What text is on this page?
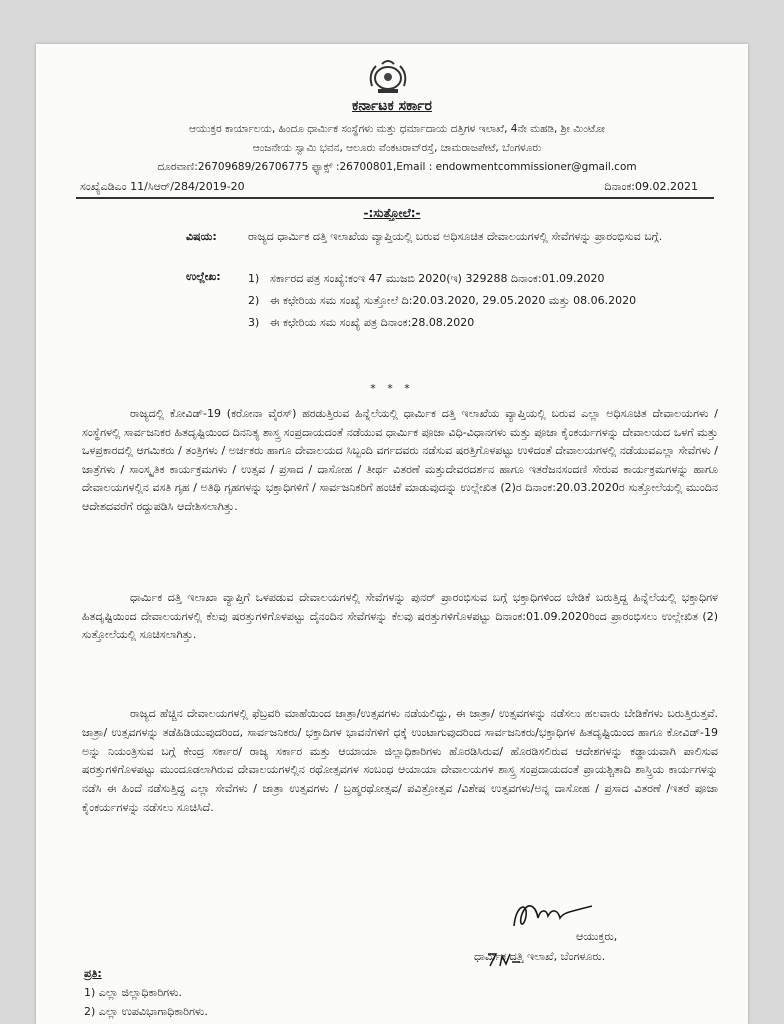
ಕರ್ನಾಟಕ ಸರ್ಕಾರ
ಆಯುಕ್ತರ ಕಾರ್ಯಾಲಯ, ಹಿಂದೂ ಧಾರ್ಮಿಕ ಸಂಸ್ಥೆಗಳು ಮತ್ತು ಧರ್ಮಾದಾಯ ದತ್ತಿಗಳ ಇಲಾಖೆ, 4ನೇ ಮಹಡಿ, ಶ್ರೀ ಮಿಂಟೋ
ಆಂಜನೇಯ ಸ್ವಾಮಿ ಭವನ, ಆಲೂರು ವೆಂಕಟರಾವ್‌ರಸ್ತೆ, ಚಾಮರಾಜಪೇಟೆ, ಬೆಂಗಳೂರು
ದೂರವಾಣಿ:26709689/26706775 ಫ್ಯಾಕ್ಸ್ :26700801,Email : endowmentcommissioner@gmail.com
ಸಂಖ್ಯೆಎಡಿಎಂ 11/ಸಿಆರ್/284/2019-20	ದಿನಾಂಕ:09.02.2021
-:ಸುತ್ತೋಲೆ:-
ವಿಷಯ:	ರಾಜ್ಯದ ಧಾರ್ಮಿಕ ದತ್ತಿ ಇಲಾಖೆಯ ವ್ಯಾಪ್ತಿಯಲ್ಲಿ ಬರುವ ಅಧಿಸೂಚಿತ ದೇವಾಲಯಗಳಲ್ಲಿ ಸೇವೆಗಳನ್ನು ಪ್ರಾರಂಭಿಸುವ ಬಗ್ಗೆ.
ಉಲ್ಲೇಖ: 1) ಸರ್ಕಾರದ ಪತ್ರ ಸಂಖ್ಯೆ:ಕಂಇ 47 ಮುಜಬಿ 2020(ಇ) 329288 ದಿನಾಂಕ:01.09.2020
2) ಈ ಕಛೇರಿಯ ಸಮ ಸಂಖ್ಯೆ ಸುತ್ತೋಲೆ ದಿ:20.03.2020, 29.05.2020 ಮತ್ತು 08.06.2020
3) ಈ ಕಛೇರಿಯ ಸಮ ಸಂಖ್ಯೆ ಪತ್ರ ದಿನಾಂಕ:28.08.2020
* * *

ರಾಜ್ಯದಲ್ಲಿ ಕೋವಿಡ್-19 (ಕರೋನಾ ವೈರಸ್) ಹರಡುತ್ತಿರುವ ಹಿನ್ನೆಲೆಯಲ್ಲಿ ಧಾರ್ಮಿಕ ದತ್ತಿ ಇಲಾಖೆಯ ವ್ಯಾಪ್ತಿಯಲ್ಲಿ ಬರುವ ಎಲ್ಲಾ ಅಧಿಸೂಚಿತ ದೇವಾಲಯಗಳು / ಸಂಸ್ಥೆಗಳಲ್ಲಿ ಸಾರ್ವಜನಿಕರ ಹಿತದೃಷ್ಟಿಯಿಂದ ದಿನನಿತ್ಯ ಶಾಸ್ತ್ರ ಸಂಪ್ರದಾಯದಂತೆ ನಡೆಯುವ ಧಾರ್ಮಿಕ ಪೂಜಾ ವಿಧಿ-ವಿಧಾನಗಳು ಮತ್ತು ಪೂಜಾ ಕೈಂಕರ್ಯಗಳನ್ನು ದೇವಾಲಯದ ಒಳಗೆ ಮತ್ತು ಒಳಪ್ರಕಾರದಲ್ಲಿ ಆಗಮಿಕರು / ತಂತ್ರಿಗಳು / ಅರ್ಚಕರು ಹಾಗೂ ದೇವಾಲಯದ ಸಿಬ್ಬಂದಿ ವರ್ಗದವರು ನಡೆಸುವ ಷರತ್ತಿಗೊಳಪಟ್ಟು ಉಳಿದಂತೆ ದೇವಾಲಯಗಳಲ್ಲಿ ನಡೆಯುವಎಲ್ಲಾ ಸೇವೆಗಳು / ಜಾತ್ರೆಗಳು / ಸಾಂಸ್ಕೃತಿಕ ಕಾರ್ಯಕ್ರಮಗಳು / ಉತ್ಸವ / ಪ್ರಸಾದ / ದಾಸೋಹ / ತೀರ್ಥ ವಿತರಣೆ ಮತ್ತುದೇವರದರ್ಶನ ಹಾಗೂ ಇತರೆಜನಸಂದಣಿ ಸೇರುವ ಕಾರ್ಯಕ್ರಮಗಳನ್ನು ಹಾಗೂ ದೇವಾಲಯಗಳಲ್ಲಿನ ವಸತಿ ಗೃಹ / ಅತಿಥಿ ಗೃಹಗಳನ್ನು ಭಕ್ತಾಧಿಗಳಿಗೆ / ಸಾರ್ವಜನಿಕರಿಗೆ ಹಂಚಿಕೆ ಮಾಡುವುದನ್ನು ಉಲ್ಲೇಖಿತ (2)ರ ದಿನಾಂಕ:20.03.2020ರ ಸುತ್ತೋಲೆಯಲ್ಲಿ ಮುಂದಿನ ಆದೇಶದವರೆಗೆ ರದ್ದುಪಡಿಸಿ ಆದೇಶಿಸಲಾಗಿತ್ತು.

ಧಾರ್ಮಿಕ ದತ್ತಿ ಇಲಾಖಾ ವ್ಯಾಪ್ತಿಗೆ ಒಳಪಡುವ ದೇವಾಲಯಗಳಲ್ಲಿ ಸೇವೆಗಳನ್ನು ಪುನರ್ ಪ್ರಾರಂಭಿಸುವ ಬಗ್ಗೆ ಭಕ್ತಾಧಿಗಳಿಂದ ಬೇಡಿಕೆ ಬರುತ್ತಿದ್ದ ಹಿನ್ನೆಲೆಯಲ್ಲಿ ಭಕ್ತಾಧಿಗಳ ಹಿತದೃಷ್ಟಿಯಿಂದ ದೇವಾಲಯಗಳಲ್ಲಿ ಕೆಲವು ಷರತ್ತುಗಳಿಗೊಳಪಟ್ಟು ದೈನಂದಿನ ಸೇವೆಗಳನ್ನು ಕೆಲವು ಷರತ್ತುಗಳಿಗೊಳಪಟ್ಟು ದಿನಾಂಕ:01.09.2020ರಿಂದ ಪ್ರಾರಂಭಿಸಲು ಉಲ್ಲೇಖಿತ (2) ಸುತ್ತೋಲೆಯಲ್ಲಿ ಸೂಚಿಸಲಾಗಿತ್ತು.

ರಾಜ್ಯದ ಹೆಚ್ಚಿನ ದೇವಾಲಯಗಳಲ್ಲಿ ಫೆಬ್ರವರಿ ಮಾಹೆಯಿಂದ ಜಾತ್ರಾ/ಉತ್ಸವಗಳು ನಡೆಯಲಿದ್ದು, ಈ ಜಾತ್ರಾ/ ಉತ್ಸವಗಳನ್ನು ನಡೆಸಲು ಹಲವಾರು ಬೇಡಿಕೆಗಳು ಬರುತ್ತಿರುತ್ತವೆ. ಜಾತ್ರಾ/ ಉತ್ಸವಗಳನ್ನು ತಡೆಹಿಡಿಯುವುದರಿಂದ, ಸಾರ್ವಜನಿಕರು/ ಭಕ್ತಾದಿಗಳ ಭಾವನೆಗಳಿಗೆ ಧಕ್ಕೆ ಉಂಟಾಗುವುದರಿಂದ ಸಾರ್ವಜನಿಕರು/ಭಕ್ತಾಧಿಗಳ ಹಿತದೃಷ್ಟಿಯಿಂದ ಹಾಗೂ ಕೋವಿಡ್-19 ಅನ್ನು ನಿಯಂತ್ರಿಸುವ ಬಗ್ಗೆ ಕೇಂದ್ರ ಸರ್ಕಾರ/ ರಾಜ್ಯ ಸರ್ಕಾರ ಮತ್ತು ಆಯಾಯಾ ಜಿಲ್ಲಾಧಿಕಾರಿಗಳು ಹೊರಡಿಸಿರುವ/ ಹೊರಡಿಸಲಿರುವ ಆದೇಶಗಳನ್ನು ಕಡ್ಡಾಯವಾಗಿ ಪಾಲಿಸುವ ಷರತ್ತುಗಳಿಗೊಳಪಟ್ಟು ಮುಂದೂಡಲಾಗಿರುವ ದೇವಾಲಯಗಳಲ್ಲಿನ ರಥೋತ್ಸವಗಳ ಸಂಬಂಧ ಆಯಾಯಾ ದೇವಾಲಯಗಳ ಶಾಸ್ತ್ರ ಸಂಪ್ರದಾಯದಂತೆ ಪ್ರಾಯಶ್ಚಿತಾದಿ ಶಾಸ್ತ್ರಿಯ ಕಾರ್ಯಗಳನ್ನು ನಡೆಸಿ ಈ ಹಿಂದೆ ನಡೆಸುತ್ತಿದ್ದ ಎಲ್ಲಾ ಸೇವೆಗಳು / ಜಾತ್ರಾ ಉತ್ಸವಗಳು / ಬ್ರಹ್ಮರಥೋತ್ಸವ/ ಪವಿತ್ರೋತ್ಸವ /ವಿಶೇಷ ಉತ್ಸವಗಳು/ಅನ್ನ ದಾಸೋಹ / ಪ್ರಸಾದ ವಿತರಣೆ /ಇತರೆ ಪೂಜಾ ಕೈಂಕರ್ಯಗಳನ್ನು ನಡೆಸಲು ಸೂಚಿಸಿದೆ.

ಆಯುಕ್ತರು,
ಧಾರ್ಮಿಕ ದತ್ತಿ ಇಲಾಖೆ, ಬೆಂಗಳೂರು.
ಪ್ರತಿ:
1) ಎಲ್ಲಾ ಜಿಲ್ಲಾಧಿಕಾರಿಗಳು.
2) ಎಲ್ಲಾ ಉಪವಿಭಾಗಾಧಿಕಾರಿಗಳು.
